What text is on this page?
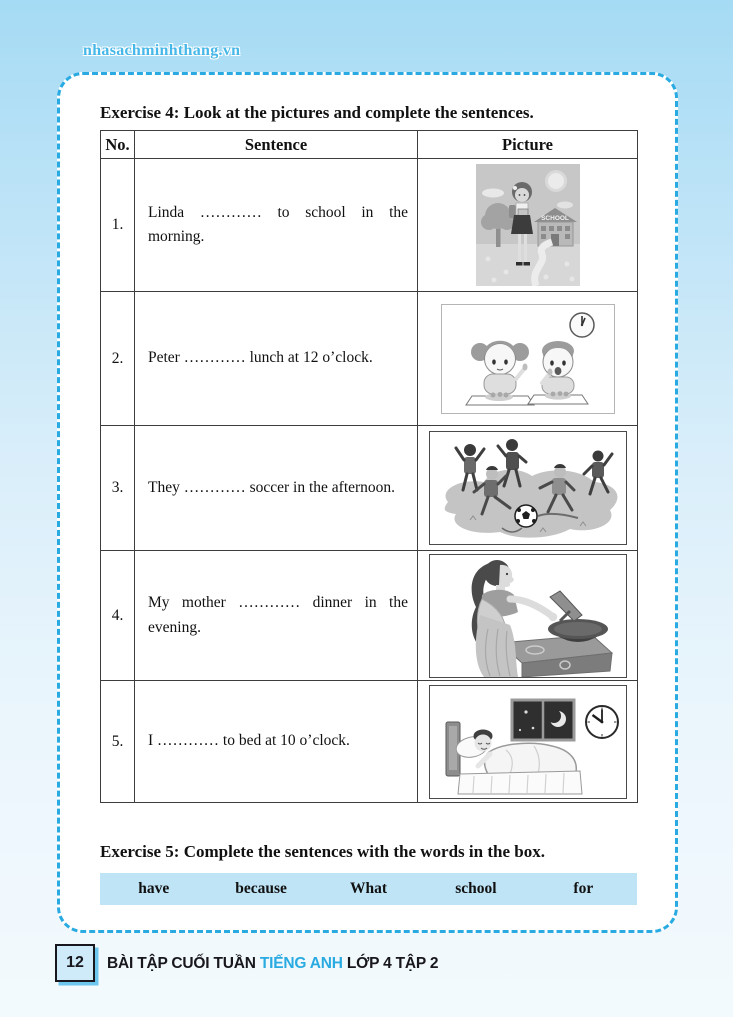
nhasachminhthang.vn

Exercise 4: Look at the pictures and complete the sentences.

No.	Sentence	Picture
1.	Linda ………… to school in the morning.	SCHOOL

2.	Peter ………… lunch at 12 o’clock.	
3.	They ………… soccer in the afternoon.	
4.	My mother ………… dinner in the evening.	
5.	I ………… to bed at 10 o’clock.	

Exercise 5: Complete the sentences with the words in the box.

have	because	What	school	for
12	BÀI TẬP CUỐI TUẦN TIẾNG ANH LỚP 4 TẬP 2
